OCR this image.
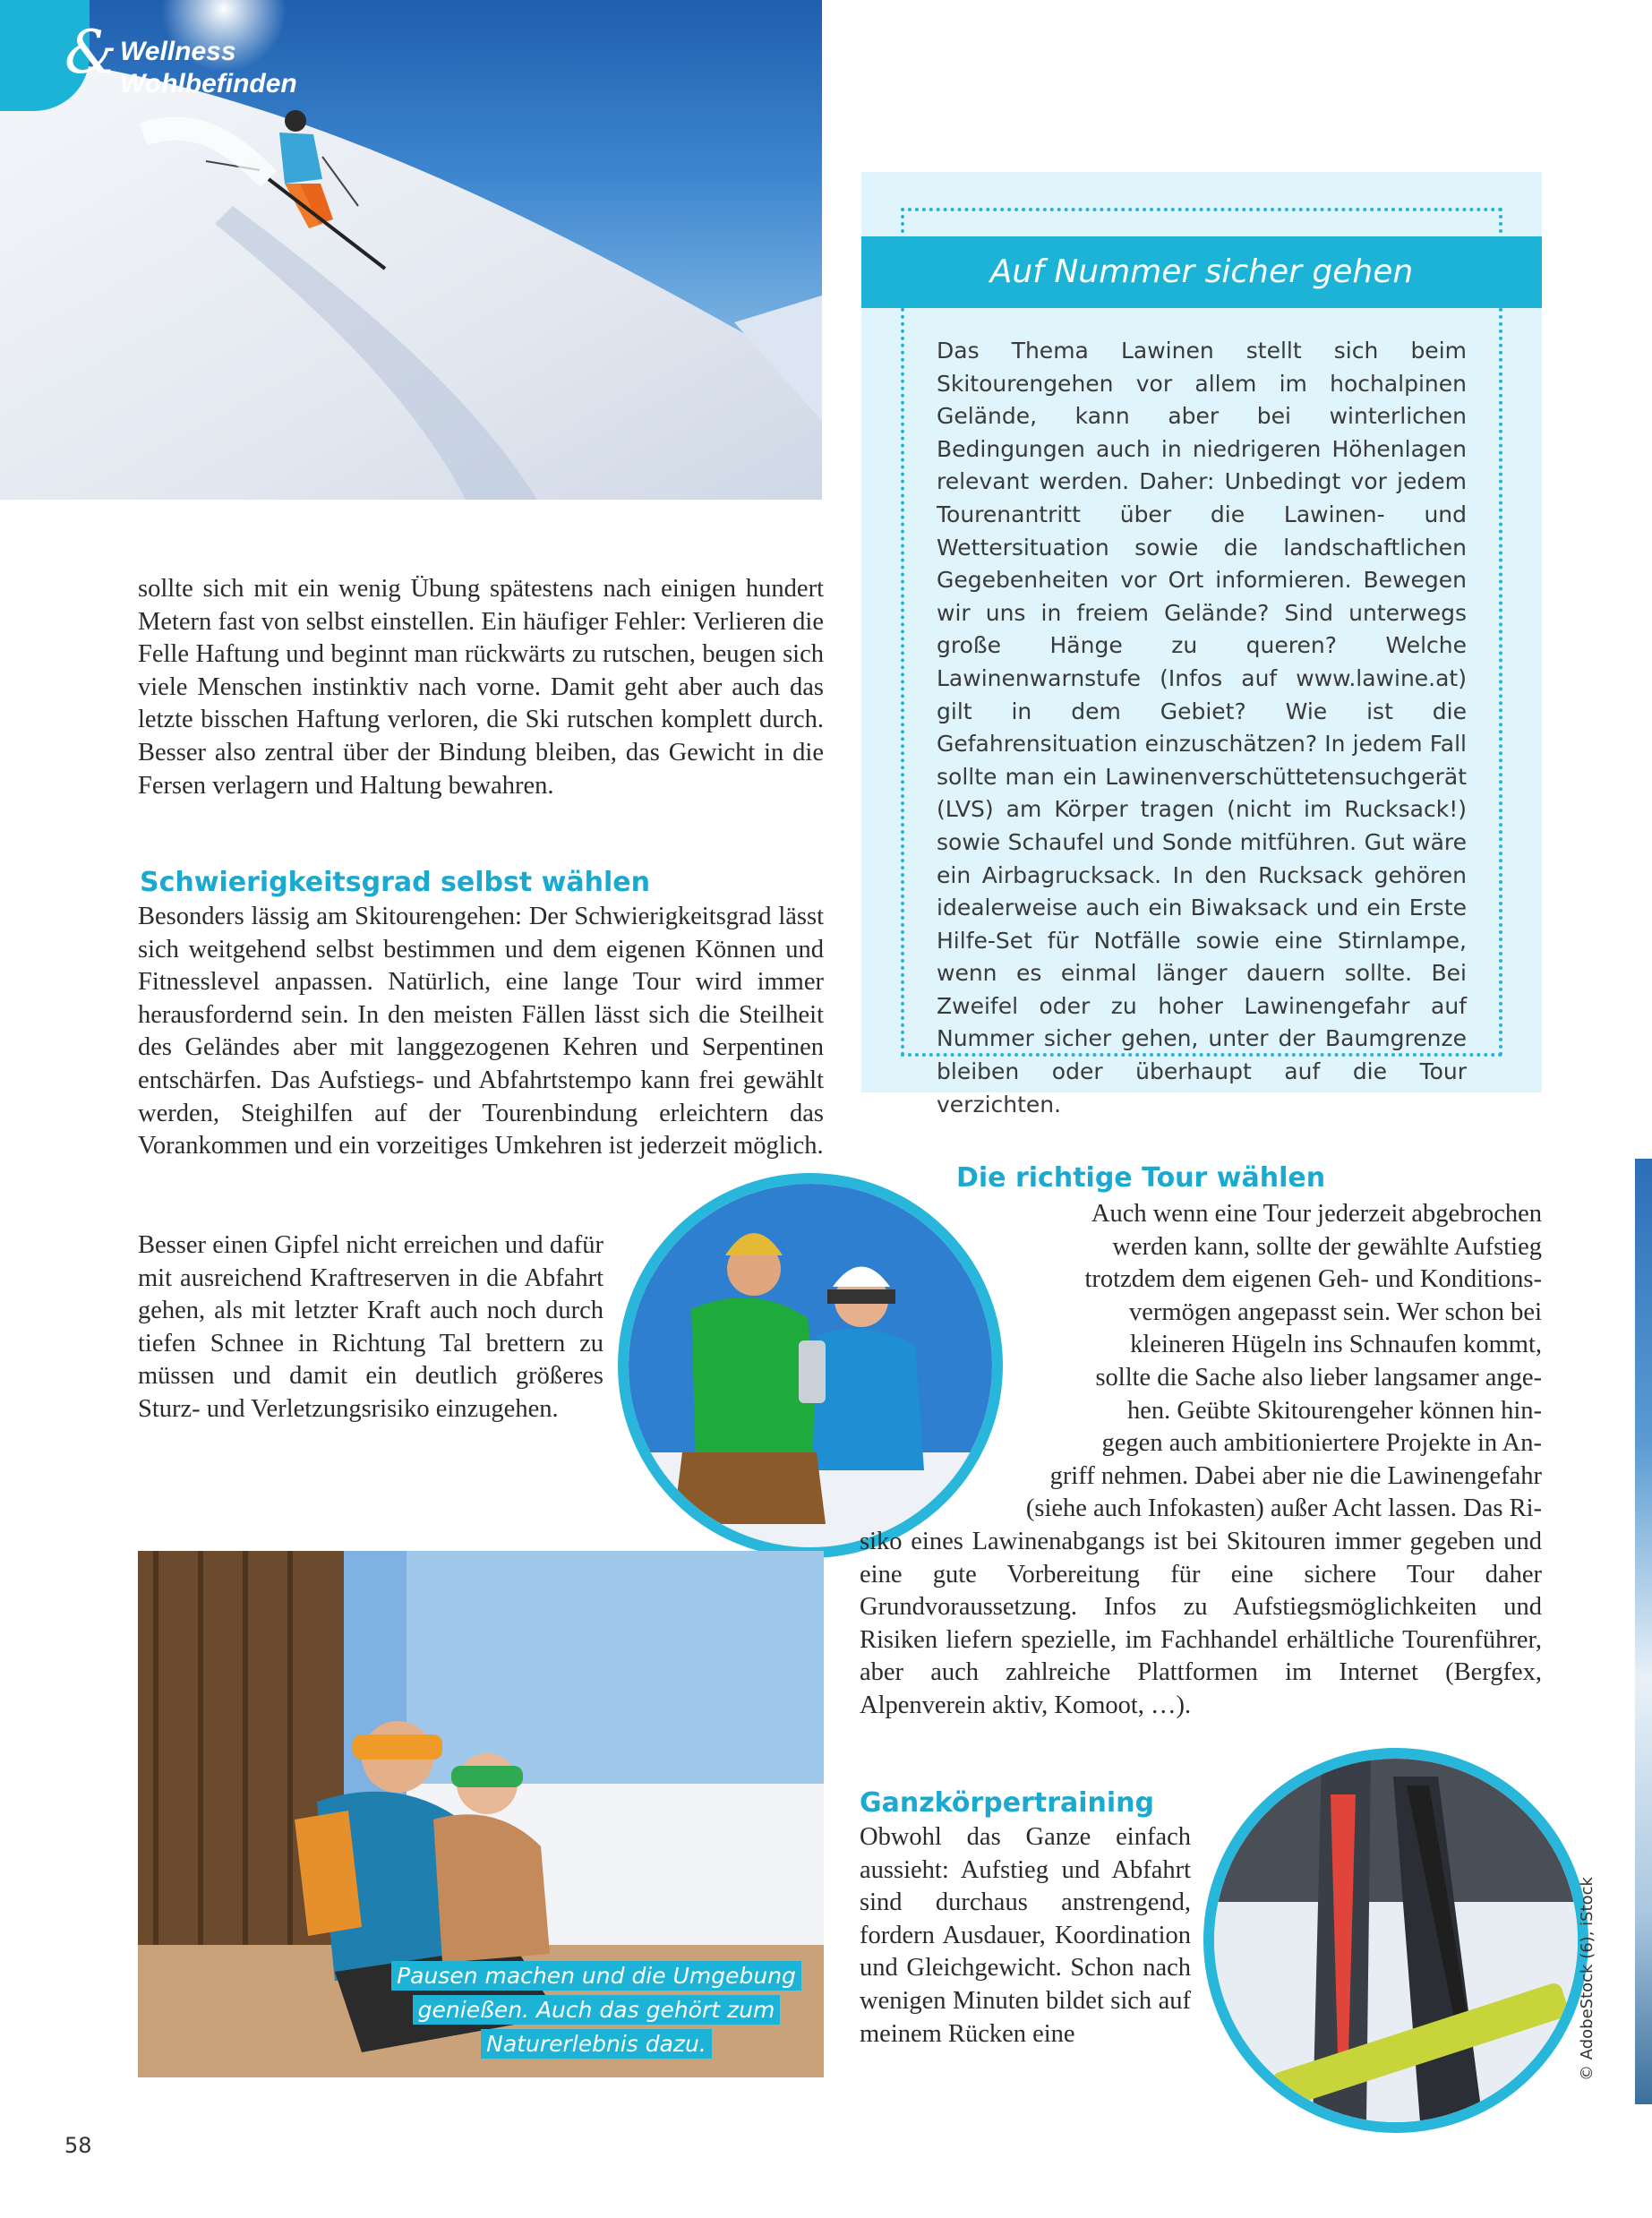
& Wellness
Wohlbefinden

sollte sich mit ein wenig Übung spätestens nach einigen hundert Metern fast von selbst einstellen. Ein häufiger Fehler: Verlieren die Felle Haftung und beginnt man rückwärts zu rutschen, beugen sich viele Menschen instinktiv nach vorne. Damit geht aber auch das letzte bisschen Haftung verloren, die Ski rutschen komplett durch. Besser also zentral über der Bindung bleiben, das Gewicht in die Fersen verlagern und Haltung bewahren.

Schwierigkeitsgrad selbst wählen

Besonders lässig am Skitourengehen: Der Schwierigkeitsgrad lässt sich weitgehend selbst bestimmen und dem eigenen Können und Fitnesslevel anpassen. Natürlich, eine lange Tour wird immer herausfordernd sein. In den meisten Fällen lässt sich die Steilheit des Geländes aber mit langgezogenen Kehren und Serpentinen entschärfen. Das Aufstiegs- und Abfahrtstempo kann frei gewählt werden, Steighilfen auf der Tourenbindung erleichtern das Vorankommen und ein vorzeitiges Umkehren ist jederzeit möglich.

Besser einen Gipfel nicht erreichen und dafür mit ausreichend Kraftreserven in die Abfahrt gehen, als mit letzter Kraft auch noch durch tiefen Schnee in Richtung Tal brettern zu müssen und damit ein deutlich größeres Sturz- und Verletzungsrisiko einzugehen.

Auf Nummer sicher gehen
Das Thema Lawinen stellt sich beim Skitourengehen vor allem im hochalpinen Gelände, kann aber bei winterlichen Bedingungen auch in niedrigeren Höhenlagen relevant werden. Daher: Unbedingt vor jedem Tourenantritt über die Lawinen- und Wettersituation sowie die landschaftlichen Gegebenheiten vor Ort informieren. Bewegen wir uns in freiem Gelände? Sind unterwegs große Hänge zu queren? Welche Lawinenwarnstufe (Infos auf www.lawine.at) gilt in dem Gebiet? Wie ist die Gefahrensituation einzuschätzen? In jedem Fall sollte man ein Lawinenverschüttetensuchgerät (LVS) am Körper tragen (nicht im Rucksack!) sowie Schaufel und Sonde mitführen. Gut wäre ein Airbagrucksack. In den Rucksack gehören idealerweise auch ein Biwaksack und ein Erste Hilfe-Set für Notfälle sowie eine Stirnlampe, wenn es einmal länger dauern sollte. Bei Zweifel oder zu hoher Lawinengefahr auf Nummer sicher gehen, unter der Baumgrenze bleiben oder überhaupt auf die Tour verzichten.
Die richtige Tour wählen
Auch wenn eine Tour jederzeit abgebrochen
werden kann, sollte der gewählte Aufstieg
trotzdem dem eigenen Geh- und Konditions-
vermögen angepasst sein. Wer schon bei
kleineren Hügeln ins Schnaufen kommt,
sollte die Sache also lieber langsamer ange-
hen. Geübte Skitourengeher können hin-
gegen auch ambitioniertere Projekte in An-
griff nehmen. Dabei aber nie die Lawinengefahr
(siehe auch Infokasten) außer Acht lassen. Das Ri-

siko eines Lawinenabgangs ist bei Skitouren immer gegeben und eine gute Vorbereitung für eine sichere Tour daher Grundvoraussetzung. Infos zu Aufstiegsmöglichkeiten und Risiken liefern spezielle, im Fachhandel erhältliche Tourenführer, aber auch zahlreiche Plattformen im Internet (Bergfex, Alpenverein aktiv, Komoot, …).

Ganzkörpertraining

Obwohl das Ganze einfach aussieht: Aufstieg und Abfahrt sind durchaus anstrengend, fordern Ausdauer, Koordination und Gleichgewicht. Schon nach wenigen Minuten bildet sich auf meinem Rücken eine

Pausen machen und die Umgebung
genießen. Auch das gehört zum
Naturerlebnis dazu.
58
© AdobeStock (6), iStock
